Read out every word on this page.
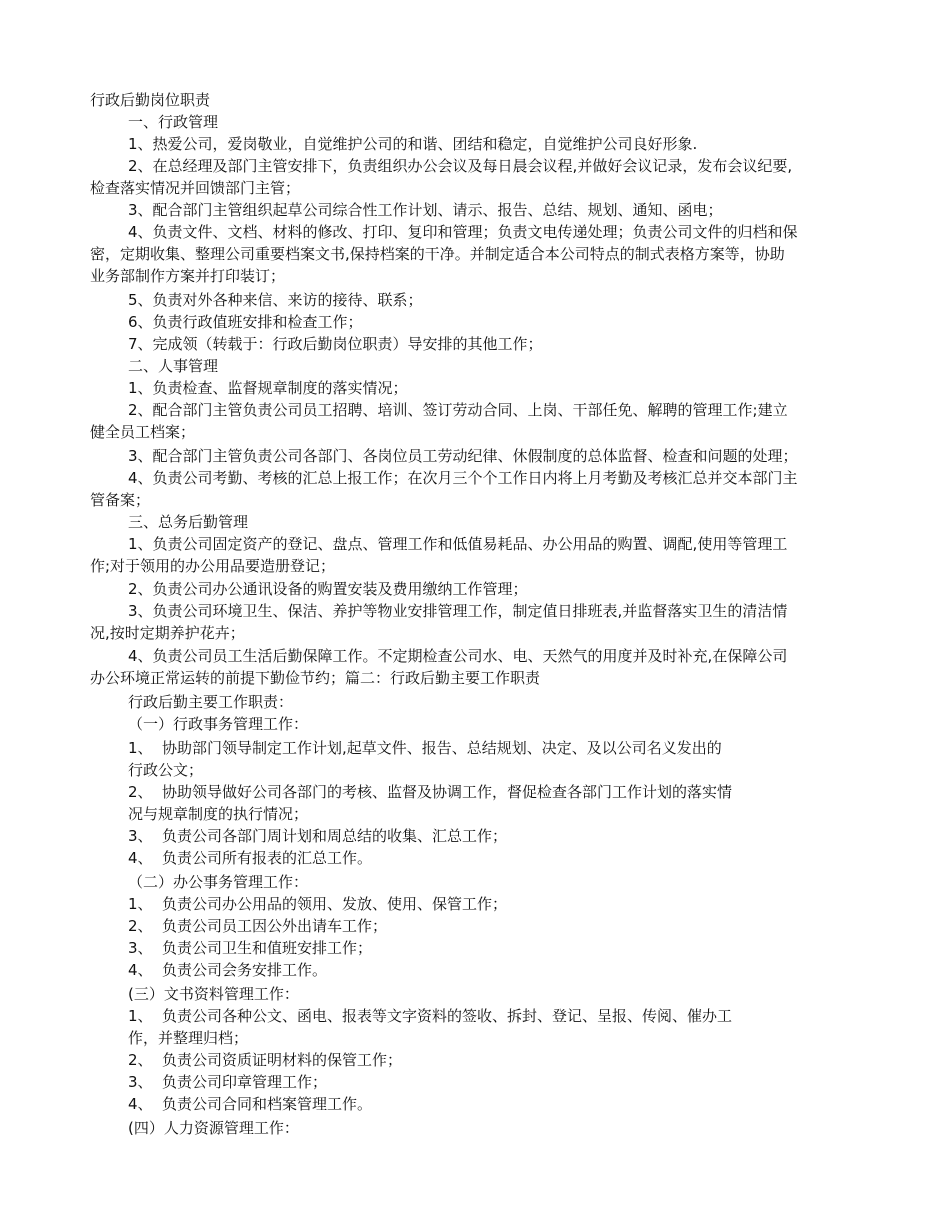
行政后勤岗位职责

一、行政管理

1、热爱公司，爱岗敬业，自觉维护公司的和谐、团结和稳定，自觉维护公司良好形象.

2、在总经理及部门主管安排下，负责组织办公会议及每日晨会议程,并做好会议记录，发布会议纪要,

检查落实情况并回馈部门主管；

3、配合部门主管组织起草公司综合性工作计划、请示、报告、总结、规划、通知、函电；

4、负责文件、文档、材料的修改、打印、复印和管理；负责文电传递处理；负责公司文件的归档和保

密，定期收集、整理公司重要档案文书,保持档案的干净。并制定适合本公司特点的制式表格方案等，协助

业务部制作方案并打印装订；

5、负责对外各种来信、来访的接待、联系；

6、负责行政值班安排和检查工作；

7、完成领（转载于：行政后勤岗位职责）导安排的其他工作；

二、人事管理

1、负责检查、监督规章制度的落实情况；

2、配合部门主管负责公司员工招聘、培训、签订劳动合同、上岗、干部任免、解聘的管理工作;建立

健全员工档案；

3、配合部门主管负责公司各部门、各岗位员工劳动纪律、休假制度的总体监督、检查和问题的处理；

4、负责公司考勤、考核的汇总上报工作；在次月三个个工作日内将上月考勤及考核汇总并交本部门主

管备案；

三、总务后勤管理

1、负责公司固定资产的登记、盘点、管理工作和低值易耗品、办公用品的购置、调配,使用等管理工

作;对于领用的办公用品要造册登记；

2、负责公司办公通讯设备的购置安装及费用缴纳工作管理；

3、负责公司环境卫生、保洁、养护等物业安排管理工作，制定值日排班表,并监督落实卫生的清洁情

况,按时定期养护花卉；

4、负责公司员工生活后勤保障工作。不定期检查公司水、电、天然气的用度并及时补充,在保障公司

办公环境正常运转的前提下勤俭节约；篇二：行政后勤主要工作职责

行政后勤主要工作职责：

（一）行政事务管理工作：

1、 协助部门领导制定工作计划,起草文件、报告、总结规划、决定、及以公司名义发出的

行政公文；

2、 协助领导做好公司各部门的考核、监督及协调工作，督促检查各部门工作计划的落实情

况与规章制度的执行情况；

3、 负责公司各部门周计划和周总结的收集、汇总工作；

4、 负责公司所有报表的汇总工作。

（二）办公事务管理工作：

1、 负责公司办公用品的领用、发放、使用、保管工作；

2、 负责公司员工因公外出请车工作；

3、 负责公司卫生和值班安排工作；

4、 负责公司会务安排工作。

(三）文书资料管理工作：

1、 负责公司各种公文、函电、报表等文字资料的签收、拆封、登记、呈报、传阅、催办工

作，并整理归档；

2、 负责公司资质证明材料的保管工作；

3、 负责公司印章管理工作；

4、 负责公司合同和档案管理工作。

(四）人力资源管理工作：
